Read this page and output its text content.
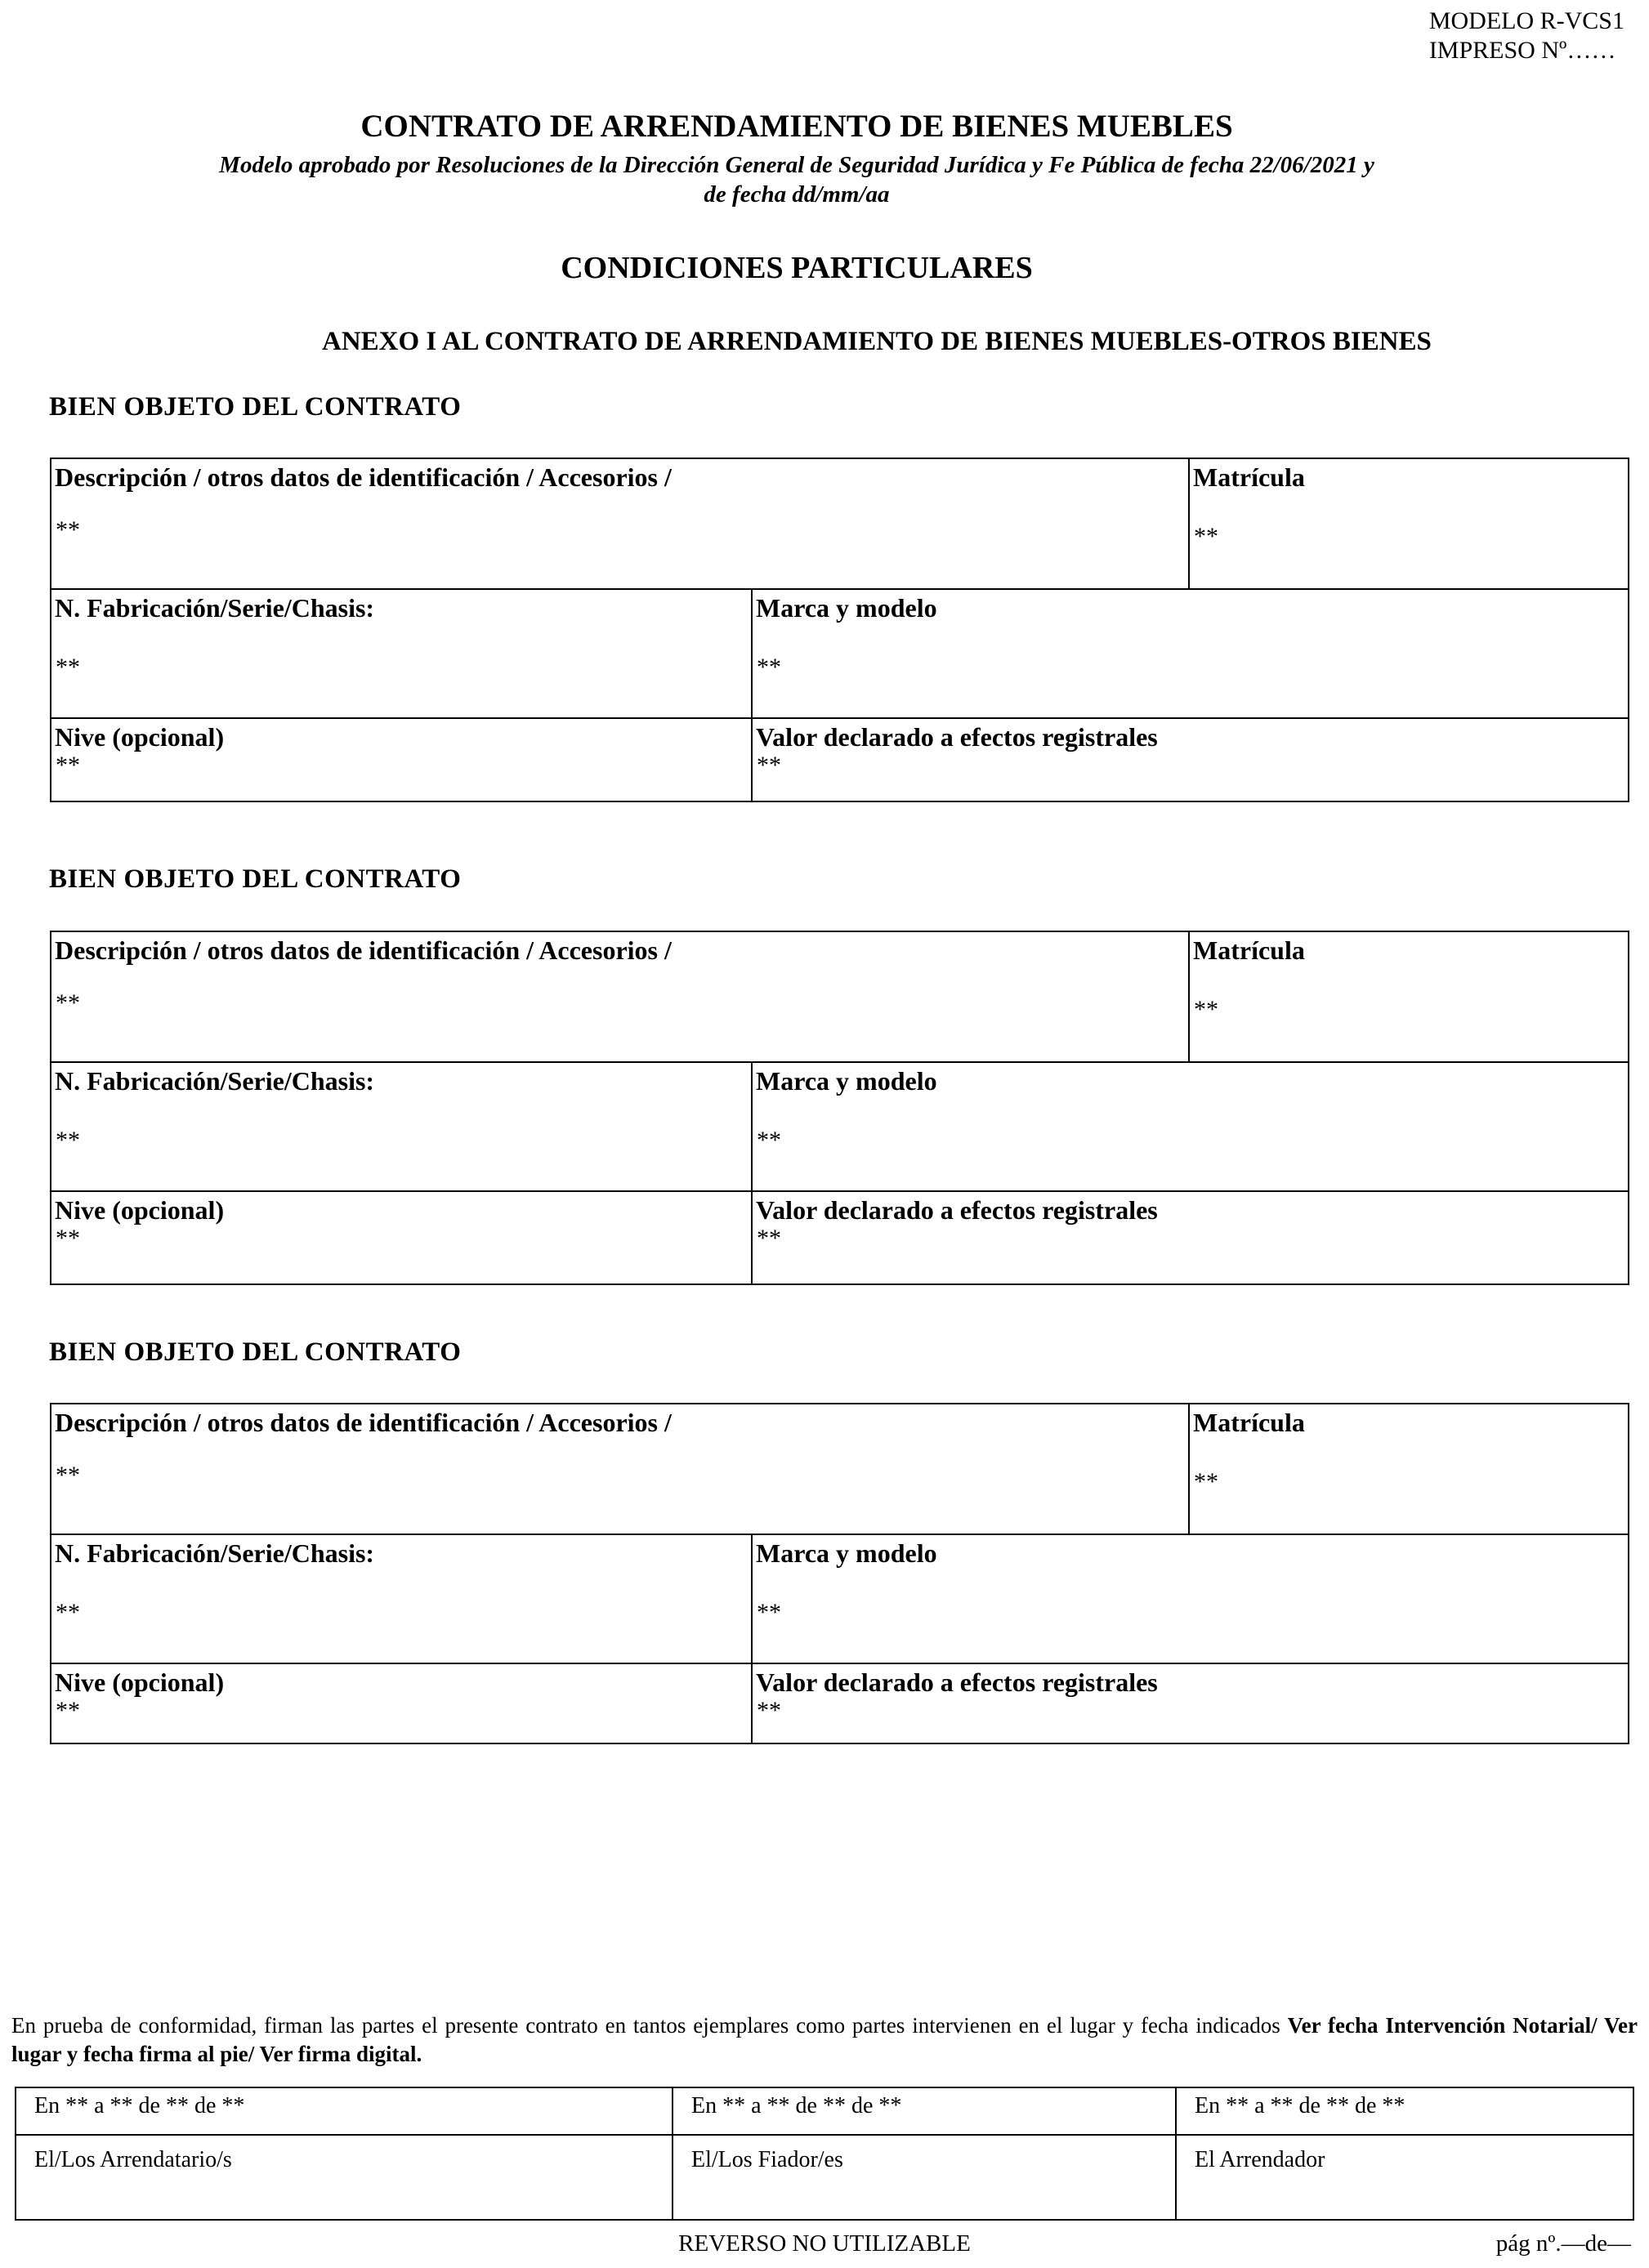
MODELO R-VCS1
IMPRESO Nº……
CONTRATO DE ARRENDAMIENTO DE BIENES MUEBLES
Modelo aprobado por Resoluciones de la Dirección General de Seguridad Jurídica y Fe Pública de fecha 22/06/2021 y
de fecha dd/mm/aa
CONDICIONES PARTICULARES
ANEXO I AL CONTRATO DE ARRENDAMIENTO DE BIENES MUEBLES-OTROS BIENES
BIEN OBJETO DEL CONTRATO
Descripción / otros datos de identificación / Accesorios /
**
Matrícula
**
N. Fabricación/Serie/Chasis:
**
Marca y modelo
**
Nive (opcional)
**
Valor declarado a efectos registrales
**
BIEN OBJETO DEL CONTRATO
Descripción / otros datos de identificación / Accesorios /
**
Matrícula
**
N. Fabricación/Serie/Chasis:
**
Marca y modelo
**
Nive (opcional)
**
Valor declarado a efectos registrales
**
BIEN OBJETO DEL CONTRATO
Descripción / otros datos de identificación / Accesorios /
**
Matrícula
**
N. Fabricación/Serie/Chasis:
**
Marca y modelo
**
Nive (opcional)
**
Valor declarado a efectos registrales
**
En prueba de conformidad, firman las partes el presente contrato en tantos ejemplares como partes intervienen en el lugar y fecha indicados Ver fecha Intervención Notarial/ Ver lugar y fecha firma al pie/ Ver firma digital.
En ** a ** de ** de **
El/Los Arrendatario/s
En ** a ** de ** de **
El/Los Fiador/es
En ** a ** de ** de **
El Arrendador
REVERSO NO UTILIZABLE	pág nº.—de—
